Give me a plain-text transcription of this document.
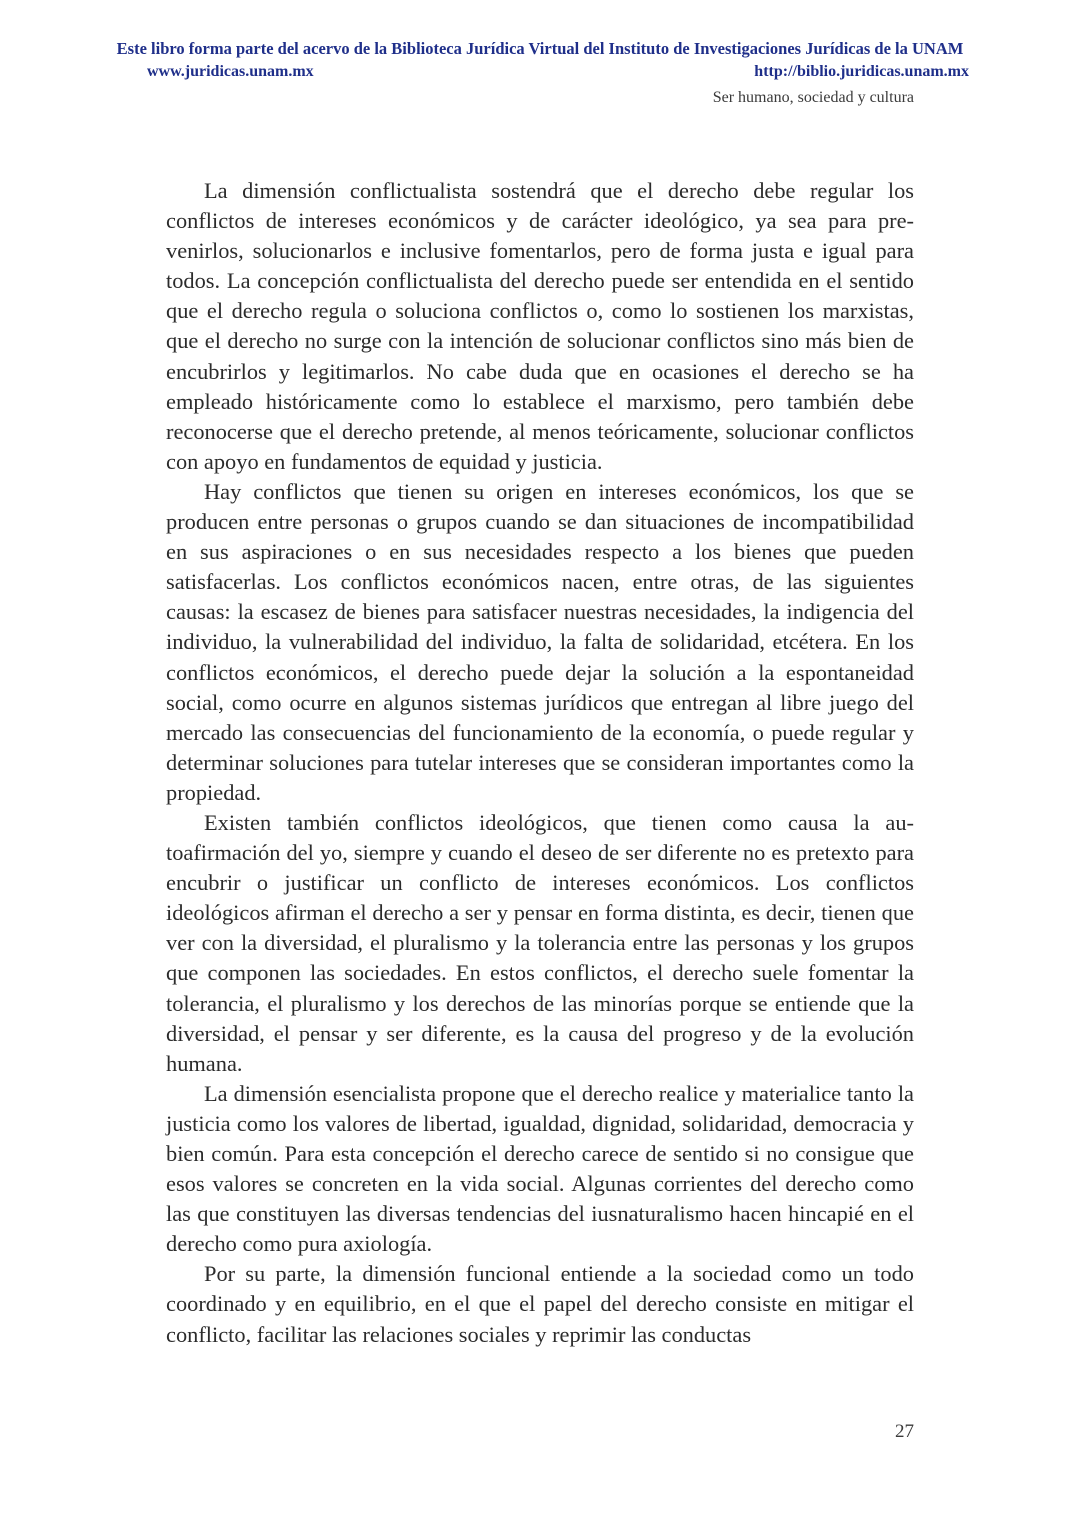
Este libro forma parte del acervo de la Biblioteca Jurídica Virtual del Instituto de Investigaciones Jurídicas de la UNAM
www.juridicas.unam.mx	http://biblio.juridicas.unam.mx
Ser humano, sociedad y cultura

La dimensión conflictualista sostendrá que el derecho debe regular los conflictos de intereses económicos y de carácter ideológico, ya sea para prevenirlos, solucionarlos e inclusive fomentarlos, pero de forma justa e igual para todos. La concepción conflictualista del derecho puede ser entendida en el sentido que el derecho regula o soluciona conflictos o, como lo sostienen los marxistas, que el derecho no surge con la intención de solucionar conflictos sino más bien de encubrirlos y legitimarlos. No cabe duda que en ocasiones el derecho se ha empleado históricamente como lo establece el marxismo, pero también debe reconocerse que el derecho pretende, al menos teóricamente, solucionar conflictos con apoyo en fundamentos de equidad y justicia.

Hay conflictos que tienen su origen en intereses económicos, los que se producen entre personas o grupos cuando se dan situaciones de incompatibilidad en sus aspiraciones o en sus necesidades respecto a los bienes que pueden satisfacerlas. Los conflictos económicos nacen, entre otras, de las siguientes causas: la escasez de bienes para satisfacer nuestras necesidades, la indigencia del individuo, la vulnerabilidad del individuo, la falta de solidaridad, etcétera. En los conflictos económicos, el derecho puede dejar la solución a la espontaneidad social, como ocurre en algunos sistemas jurídicos que entregan al libre juego del mercado las consecuencias del funcionamiento de la economía, o puede regular y determinar soluciones para tutelar intereses que se consideran importantes como la propiedad.

Existen también conflictos ideológicos, que tienen como causa la autoafirmación del yo, siempre y cuando el deseo de ser diferente no es pretexto para encubrir o justificar un conflicto de intereses económicos. Los conflictos ideológicos afirman el derecho a ser y pensar en forma distinta, es decir, tienen que ver con la diversidad, el pluralismo y la tolerancia entre las personas y los grupos que componen las sociedades. En estos conflictos, el derecho suele fomentar la tolerancia, el pluralismo y los derechos de las minorías porque se entiende que la diversidad, el pensar y ser diferente, es la causa del progreso y de la evolución humana.

La dimensión esencialista propone que el derecho realice y materialice tanto la justicia como los valores de libertad, igualdad, dignidad, solidaridad, democracia y bien común. Para esta concepción el derecho carece de sentido si no consigue que esos valores se concreten en la vida social. Algunas corrientes del derecho como las que constituyen las diversas tendencias del iusnaturalismo hacen hincapié en el derecho como pura axiología.

Por su parte, la dimensión funcional entiende a la sociedad como un todo coordinado y en equilibrio, en el que el papel del derecho consiste en mitigar el conflicto, facilitar las relaciones sociales y reprimir las conductas

27
